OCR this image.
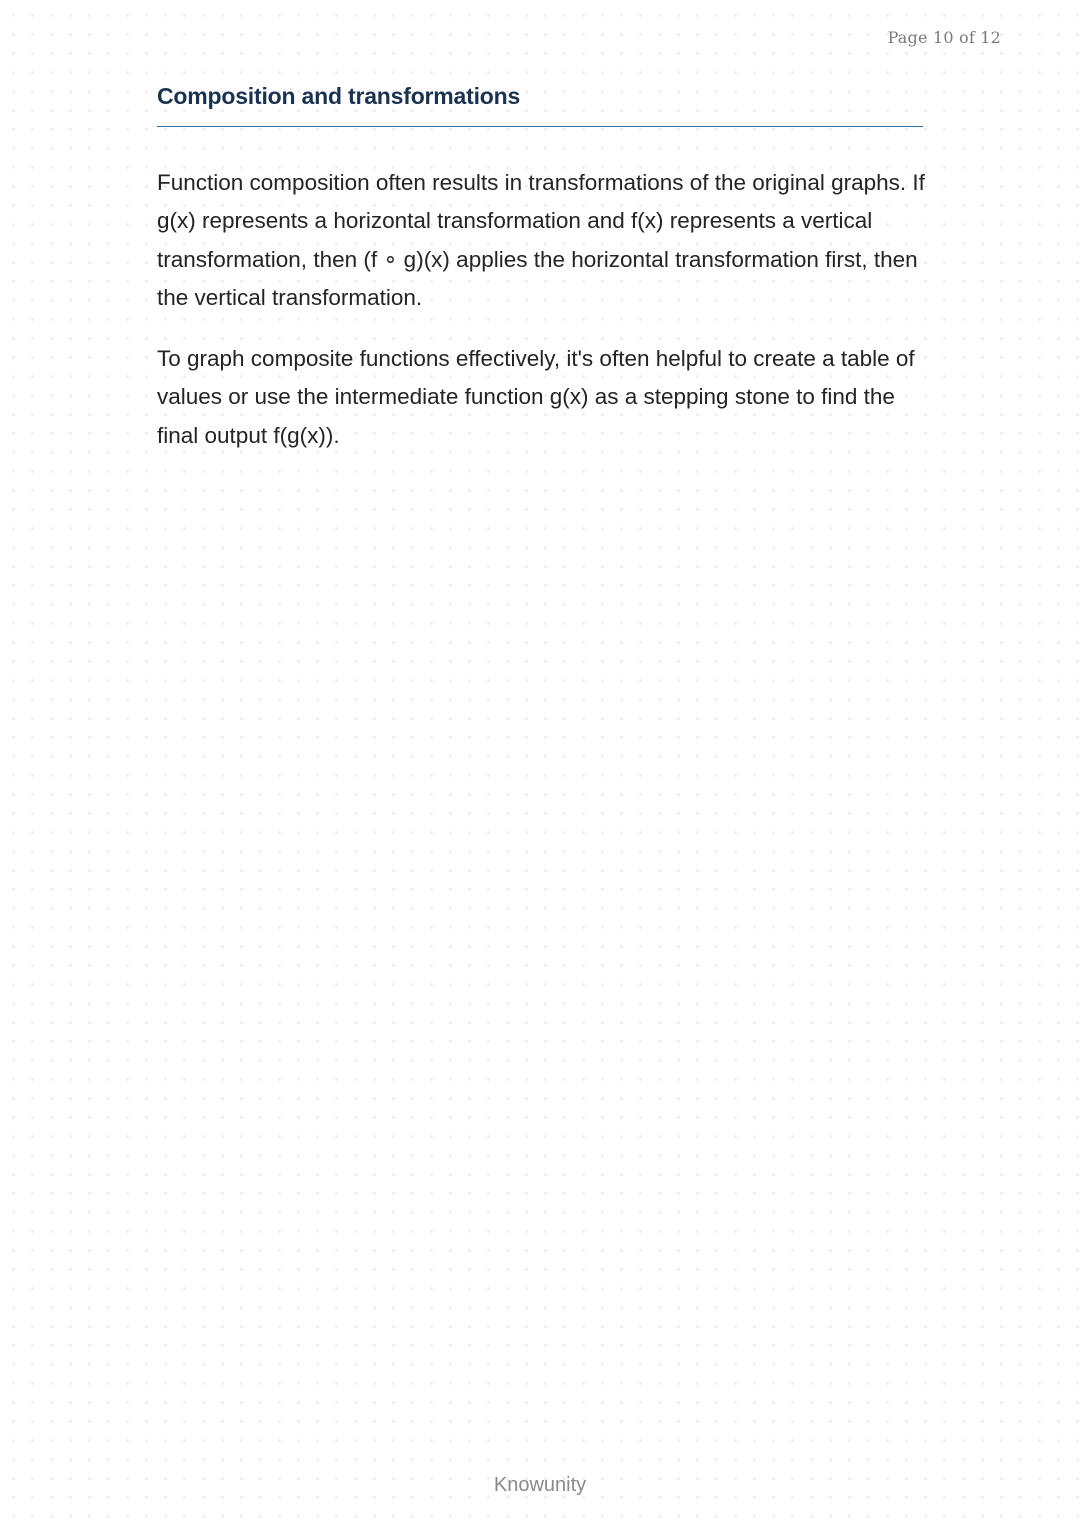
Page 10 of 12
Composition and transformations

Function composition often results in transformations of the original graphs. If g(x) represents a horizontal transformation and f(x) represents a vertical transformation, then (f ∘ g)(x) applies the horizontal transformation first, then the vertical transformation.

To graph composite functions effectively, it's often helpful to create a table of values or use the intermediate function g(x) as a stepping stone to find the final output f(g(x)).

Knowunity
